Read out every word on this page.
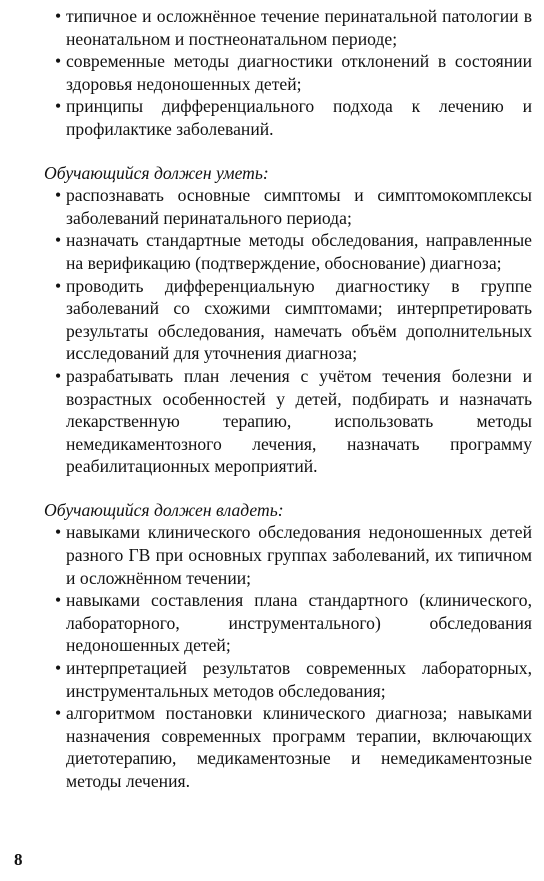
• типичное и осложнённое течение перинатальной патологии в неонатальном и постнеонатальном периоде;
• современные методы диагностики отклонений в состоянии здоровья недоношенных детей;
• принципы дифференциального подхода к лечению и профилактике заболеваний.

Обучающийся должен уметь:

• распознавать основные симптомы и симптомокомплексы заболеваний перинатального периода;
• назначать стандартные методы обследования, направленные на верификацию (подтверждение, обоснование) диагноза;
• проводить дифференциальную диагностику в группе заболеваний со схожими симптомами; интерпретировать результаты обследования, намечать объём дополнительных исследований для уточнения диагноза;
• разрабатывать план лечения с учётом течения болезни и возрастных особенностей у детей, подбирать и назначать лекарственную терапию, использовать методы немедикаментозного лечения, назначать программу реабилитационных мероприятий.

Обучающийся должен владеть:

• навыками клинического обследования недоношенных детей разного ГВ при основных группах заболеваний, их типичном и осложнённом течении;
• навыками составления плана стандартного (клинического, лабораторного, инструментального) обследования недоношенных детей;
• интерпретацией результатов современных лабораторных, инструментальных методов обследования;
• алгоритмом постановки клинического диагноза; навыками назначения современных программ терапии, включающих диетотерапию, медикаментозные и немедикаментозные методы лечения.
8
